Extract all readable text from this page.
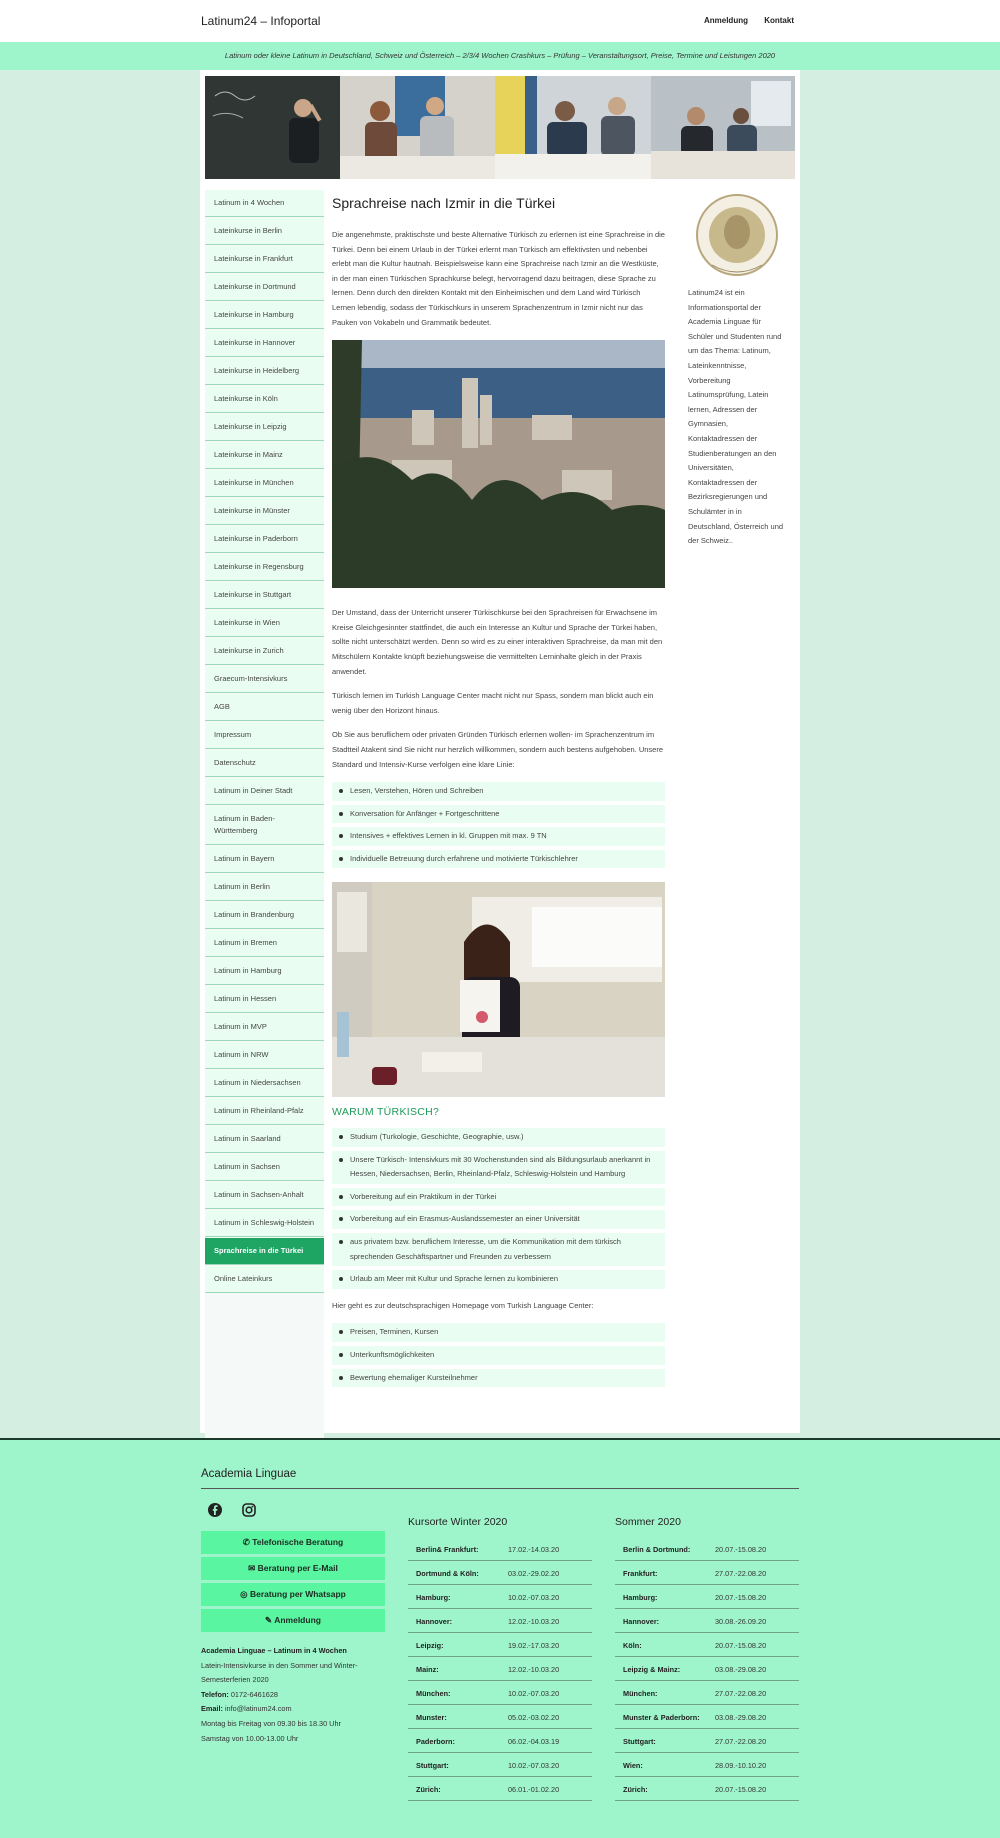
Latinum24 – Infoportal	Anmeldung Kontakt
Latinum oder kleine Latinum in Deutschland, Schweiz und Österreich – 2/3/4 Wochen Crashkurs – Prüfung – Veranstaltungsort, Preise, Termine und Leistungen 2020
Latinum in 4 Wochen
Lateinkurse in Berlin
Lateinkurse in Frankfurt
Lateinkurse in Dortmund
Lateinkurse in Hamburg
Lateinkurse in Hannover
Lateinkurse in Heidelberg
Lateinkurse in Köln
Lateinkurse in Leipzig
Lateinkurse in Mainz
Lateinkurse in München
Lateinkurse in Münster
Lateinkurse in Paderborn
Lateinkurse in Regensburg
Lateinkurse in Stuttgart
Lateinkurse in Wien
Lateinkurse in Zurich
Graecum-Intensivkurs
AGB
Impressum
Datenschutz
Latinum in Deiner Stadt
Latinum in Baden-Württemberg
Latinum in Bayern
Latinum in Berlin
Latinum in Brandenburg
Latinum in Bremen
Latinum in Hamburg
Latinum in Hessen
Latinum in MVP
Latinum in NRW
Latinum in Niedersachsen
Latinum in Rheinland-Pfalz
Latinum in Saarland
Latinum in Sachsen
Latinum in Sachsen-Anhalt
Latinum in Schleswig-Holstein
Sprachreise in die Türkei
Online Lateinkurs
Sprachreise nach Izmir in die Türkei

Die angenehmste, praktischste und beste Alternative Türkisch zu erlernen ist eine Sprachreise in die Türkei. Denn bei einem Urlaub in der Türkei erlernt man Türkisch am effektivsten und nebenbei erlebt man die Kultur hautnah. Beispielsweise kann eine Sprachreise nach Izmir an die Westküste, in der man einen Türkischen Sprachkurse belegt, hervorragend dazu beitragen, diese Sprache zu lernen. Denn durch den direkten Kontakt mit den Einheimischen und dem Land wird Türkisch Lernen lebendig, sodass der Türkischkurs in unserem Sprachenzentrum in Izmir nicht nur das Pauken von Vokabeln und Grammatik bedeutet.

Der Umstand, dass der Unterricht unserer Türkischkurse bei den Sprachreisen für Erwachsene im Kreise Gleichgesinnter stattfindet, die auch ein Interesse an Kultur und Sprache der Türkei haben, sollte nicht unterschätzt werden. Denn so wird es zu einer interaktiven Sprachreise, da man mit den Mitschülern Kontakte knüpft beziehungsweise die vermittelten Lerninhalte gleich in der Praxis anwendet.

Türkisch lernen im Turkish Language Center macht nicht nur Spass, sondern man blickt auch ein wenig über den Horizont hinaus.

Ob Sie aus beruflichem oder privaten Gründen Türkisch erlernen wollen- im Sprachenzentrum im Stadtteil Atakent sind Sie nicht nur herzlich willkommen, sondern auch bestens aufgehoben. Unsere Standard und Intensiv-Kurse verfolgen eine klare Linie:

Lesen, Verstehen, Hören und Schreiben
Konversation für Anfänger + Fortgeschrittene
Intensives + effektives Lernen in kl. Gruppen mit max. 9 TN
Individuelle Betreuung durch erfahrene und motivierte Türkischlehrer
WARUM TÜRKISCH?
Studium (Turkologie, Geschichte, Geographie, usw.)
Unsere Türkisch- Intensivkurs mit 30 Wochenstunden sind als Bildungsurlaub anerkannt in Hessen, Niedersachsen, Berlin, Rheinland-Pfalz, Schleswig-Holstein und Hamburg
Vorbereitung auf ein Praktikum in der Türkei
Vorbereitung auf ein Erasmus-Auslandssemester an einer Universität
aus privatem bzw. beruflichem Interesse, um die Kommunikation mit dem türkisch sprechenden Geschäftspartner und Freunden zu verbessern
Urlaub am Meer mit Kultur und Sprache lernen zu kombinieren

Hier geht es zur deutschsprachigen Homepage vom Turkish Language Center:

Preisen, Terminen, Kursen
Unterkunftsmöglichkeiten
Bewertung ehemaliger Kursteilnehmer

Latinum24 ist ein Informationsportal der Academia Linguae für Schüler und Studenten rund um das Thema: Latinum, Lateinkenntnisse, Vorbereitung Latinumsprüfung, Latein lernen, Adressen der Gymnasien, Kontaktadressen der Studienberatungen an den Universitäten, Kontaktadressen der Bezirksregierungen und Schulämter in in Deutschland, Österreich und der Schweiz..

Academia Linguae
✆ Telefonische Beratung
✉ Beratung per E-Mail
◎ Beratung per Whatsapp
✎ Anmeldung
Academia Linguae – Latinum in 4 Wochen
Latein-Intensivkurse in den Sommer und Winter-Semesterferien 2020
Telefon: 0172-6461628
Email: info@latinum24.com
Montag bis Freitag von 09.30 bis 18.30 Uhr
Samstag von 10.00-13.00 Uhr
Kursorte Winter 2020
Berlin& Frankfurt:	17.02.-14.03.20
Dortmund & Köln:	03.02.-29.02.20
Hamburg:	10.02.-07.03.20
Hannover:	12.02.-10.03.20
Leipzig:	19.02.-17.03.20
Mainz:	12.02.-10.03.20
München:	10.02.-07.03.20
Munster:	05.02.-03.02.20
Paderborn:	06.02.-04.03.19
Stuttgart:	10.02.-07.03.20
Zürich:	06.01.-01.02.20
Sommer 2020
Berlin & Dortmund:	20.07.-15.08.20
Frankfurt:	27.07.-22.08.20
Hamburg:	20.07.-15.08.20
Hannover:	30.08.-26.09.20
Köln:	20.07.-15.08.20
Leipzig & Mainz:	03.08.-29.08.20
München:	27.07.-22.08.20
Munster & Paderborn:	03.08.-29.08.20
Stuttgart:	27.07.-22.08.20
Wien:	28.09.-10.10.20
Zürich:	20.07.-15.08.20
